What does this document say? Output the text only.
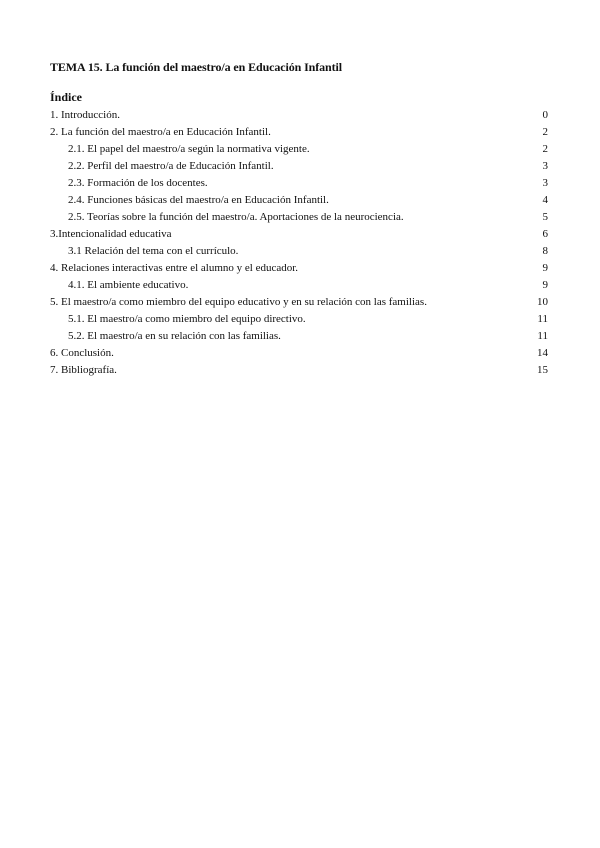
TEMA 15. La función del maestro/a en Educación Infantil
Índice
1. Introducción.	0
2. La función del maestro/a en Educación Infantil.	2
2.1. El papel del maestro/a según la normativa vigente.	2
2.2. Perfil del maestro/a de Educación Infantil.	3
2.3. Formación de los docentes.	3
2.4. Funciones básicas del maestro/a en Educación Infantil.	4
2.5. Teorías sobre la función del maestro/a. Aportaciones de la neurociencia.	5
3.Intencionalidad educativa	6
3.1 Relación del tema con el currículo.	8
4. Relaciones interactivas entre el alumno y el educador.	9
4.1. El ambiente educativo.	9
5. El maestro/a como miembro del equipo educativo y en su relación con las familias.	10
5.1. El maestro/a como miembro del equipo directivo.	11
5.2. El maestro/a en su relación con las familias.	11
6. Conclusión.	14
7. Bibliografía.	15
